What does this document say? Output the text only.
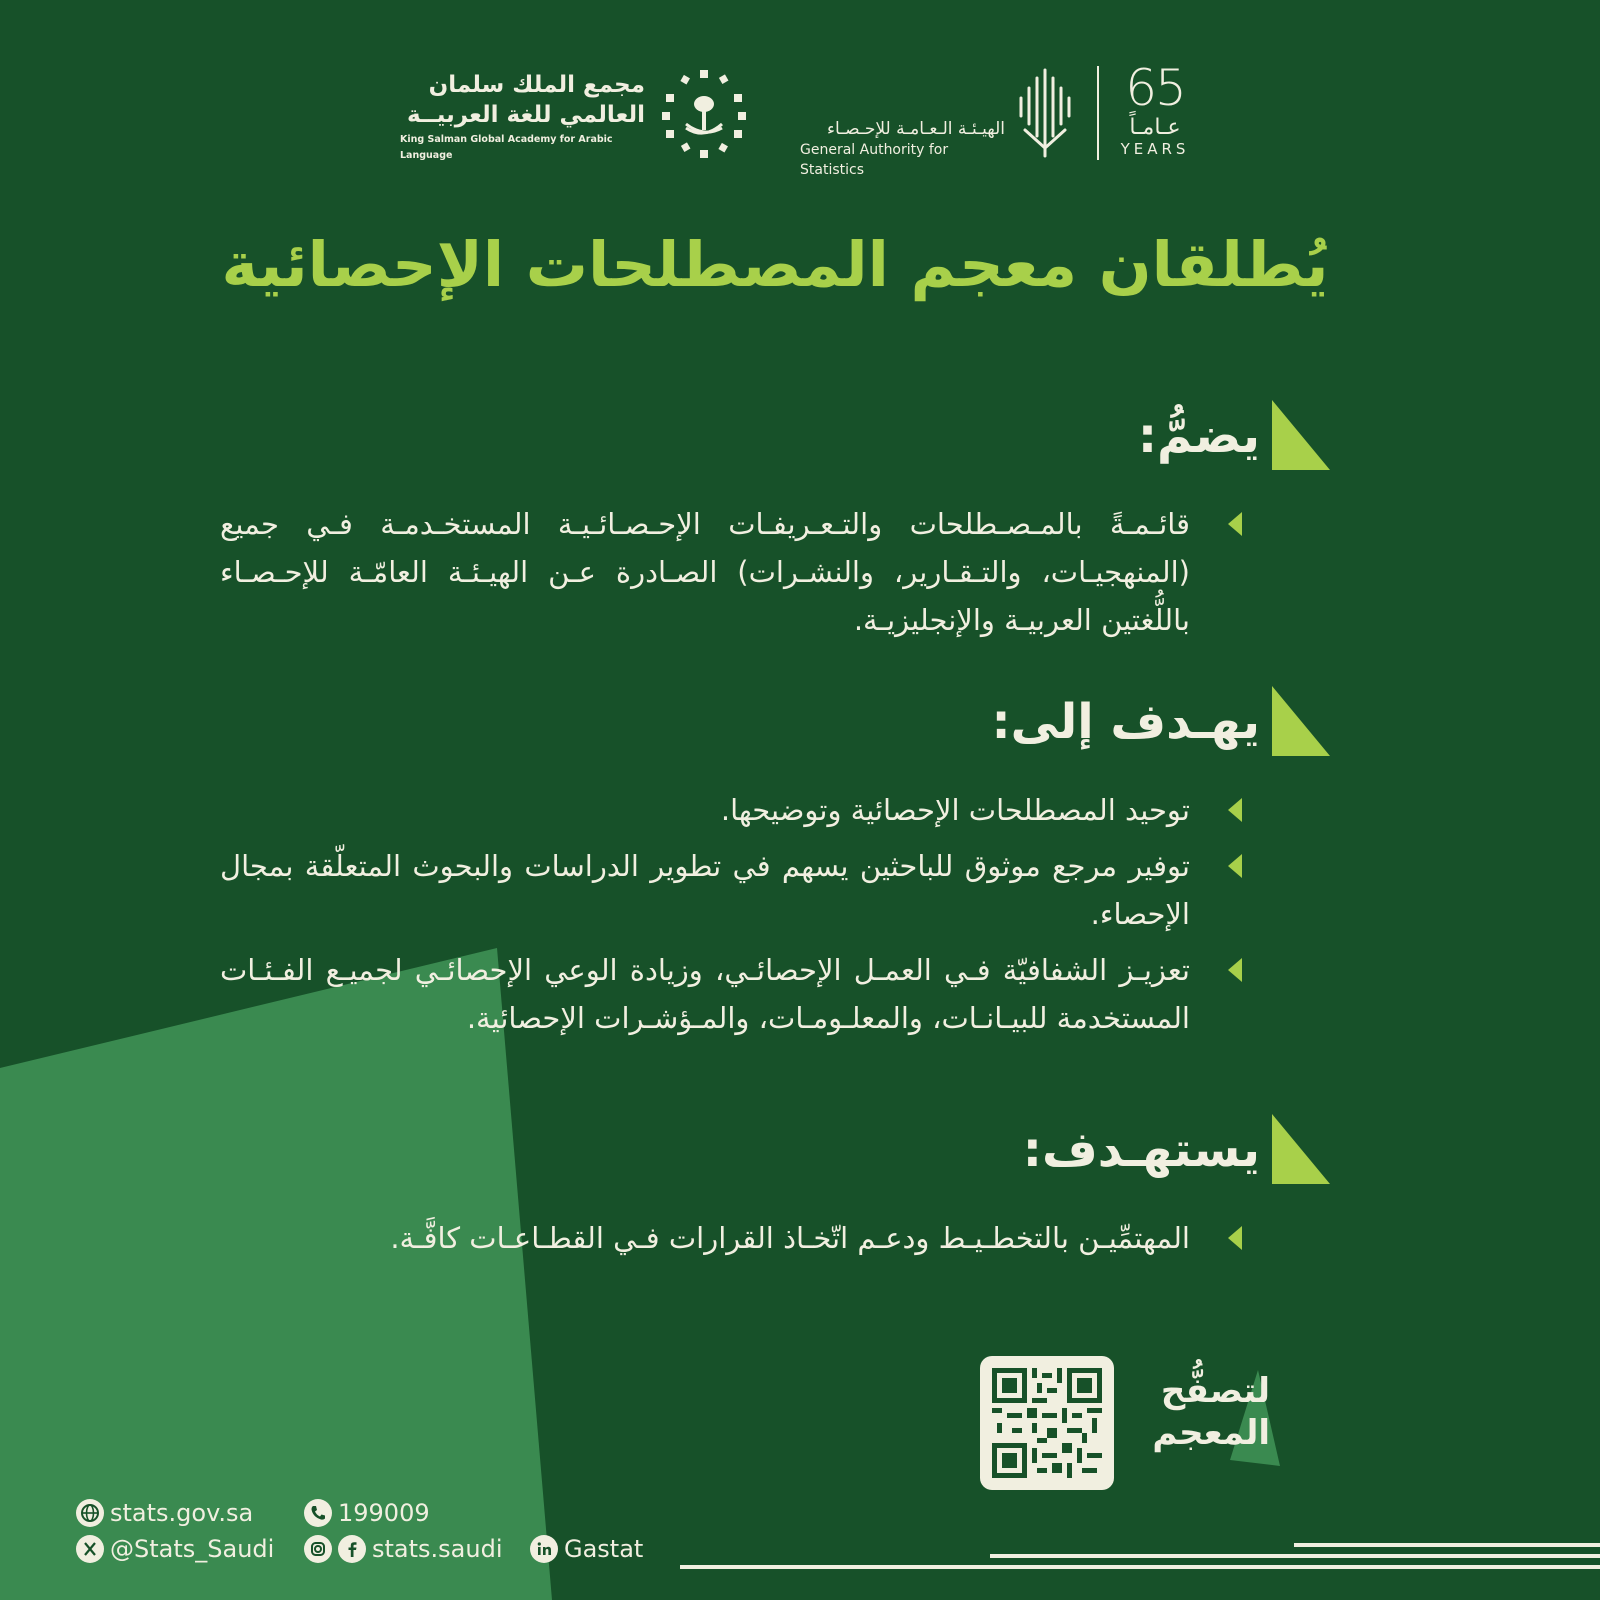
65
عـامـاً
YEARS
الهيـئـة الـعـامـة للإحـصـاء
General Authority for Statistics
مجمع الملك سلمان
العالمي للغة العربيــة
King Salman Global Academy for Arabic Language
يُطلقان معجم المصطلحات الإحصائية
يضمُّ:
قائـمـةً بالمـصـطلحات والتـعـريفـات الإحـصـائـيـة المستخـدمـة فـي جميع (المنهجيـات، والتـقـارير، والنشـرات) الصـادرة عـن الهيـئـة العامّـة للإحـصـاء باللُّغتين العربيـة والإنجليزيـة.
يهـدف إلى:
توحيد المصطلحات الإحصائية وتوضيحها.
توفير مرجع موثوق للباحثين يسهم في تطوير الدراسات والبحوث المتعلّقة بمجال الإحصاء.
تعزيـز الشفافيّة فـي العمـل الإحصائـي، وزيادة الوعي الإحصائـي لجميـع الفـئـات المستخدمة للبيـانـات، والمعلـومـات، والمـؤشـرات الإحصائية.
يستهـدف:
المهتمِّيـن بالتخطـيـط ودعـم اتّخـاذ القرارات فـي القطـاعـات كافَّـة.
لتصفُّح
المعجم
stats.gov.sa	199009
@Stats_Saudi	stats.saudi	Gastat
